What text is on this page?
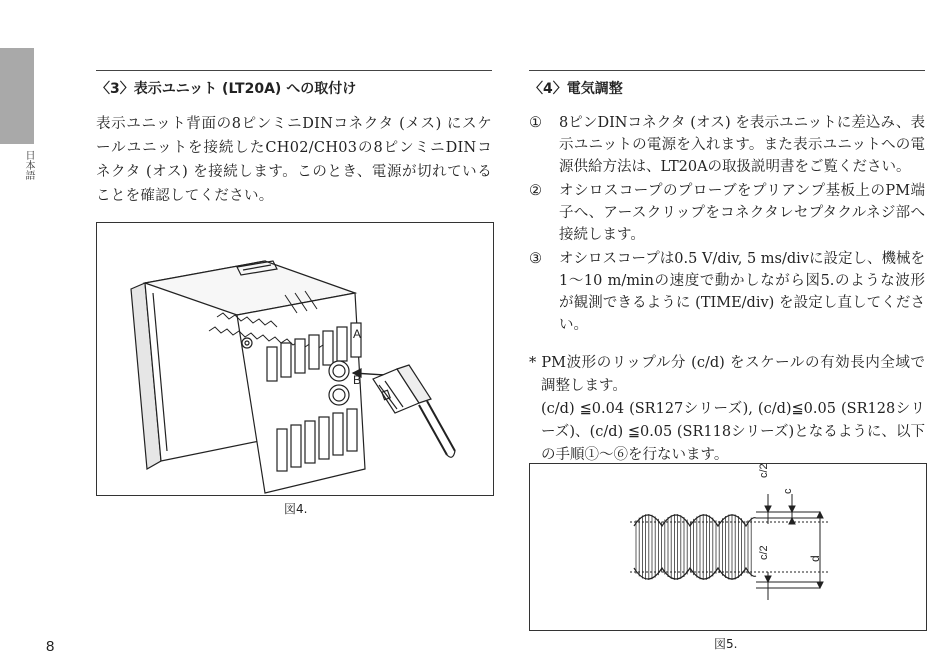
日本語
〈3〉表示ユニット (LT20A) への取付け

表示ユニット背面の8ピンミニDINコネクタ (メス) にスケールユニットを接続したCH02/CH03の8ピンミニDINコネクタ (オス) を接続します。このとき、電源が切れていることを確認してください。

A
B
図4.
〈4〉電気調整
① 8ピンDINコネクタ (オス) を表示ユニットに差込み、表示ユニットの電源を入れます。また表示ユニットへの電源供給方法は、LT20Aの取扱説明書をご覧ください。
② オシロスコープのプローブをプリアンプ基板上のPM端子へ、アースクリップをコネクタレセプタクルネジ部へ接続します。
③ オシロスコープは0.5 V/div, 5 ms/divに設定し、機械を1～10 m/minの速度で動かしながら図5.のような波形が観測できるように (TIME/div) を設定し直してください。
* PM波形のリップル分 (c/d) をスケールの有効長内全域で調整します。
(c/d) ≦0.04 (SR127シリーズ), (c/d)≦0.05 (SR128シリーズ)、(c/d) ≦0.05 (SR118シリーズ)となるように、以下の手順①～⑥を行ないます。
c/2
c
c/2	d
図5.
8
